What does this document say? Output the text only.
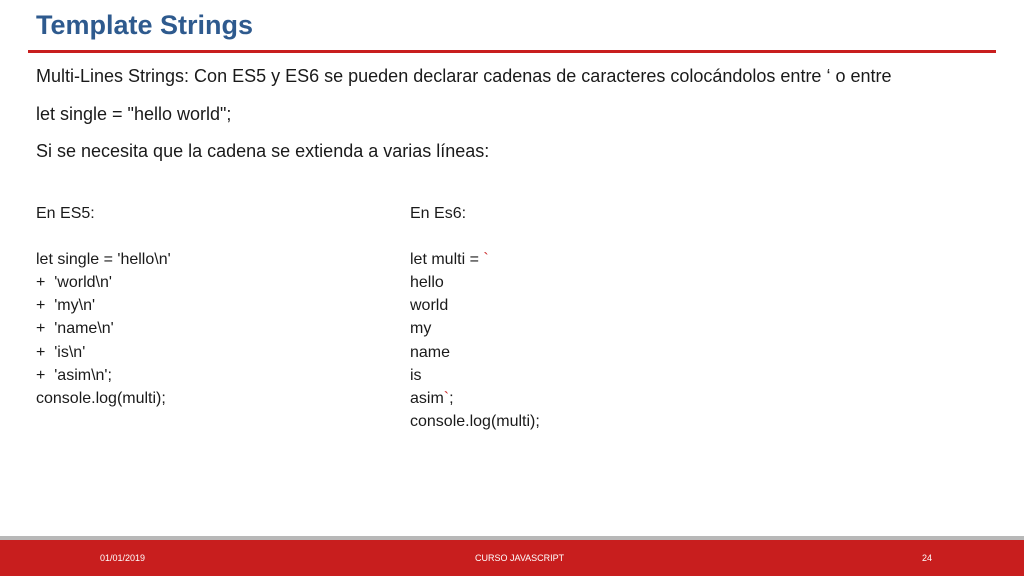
Template Strings
Multi-Lines Strings: Con ES5 y ES6 se pueden declarar cadenas de caracteres colocándolos entre ‘ o entre
let single = "hello world";
Si se necesita que la cadena se extienda a varias líneas:
En ES5:
let single = 'hello\n'
+  'world\n'
+  'my\n'
+  'name\n'
+  'is\n'
+  'asim\n';
console.log(multi);
En Es6:
let multi = `
hello
world
my
name
is
asim`;
console.log(multi);
01/01/2019	CURSO JAVASCRIPT	24
